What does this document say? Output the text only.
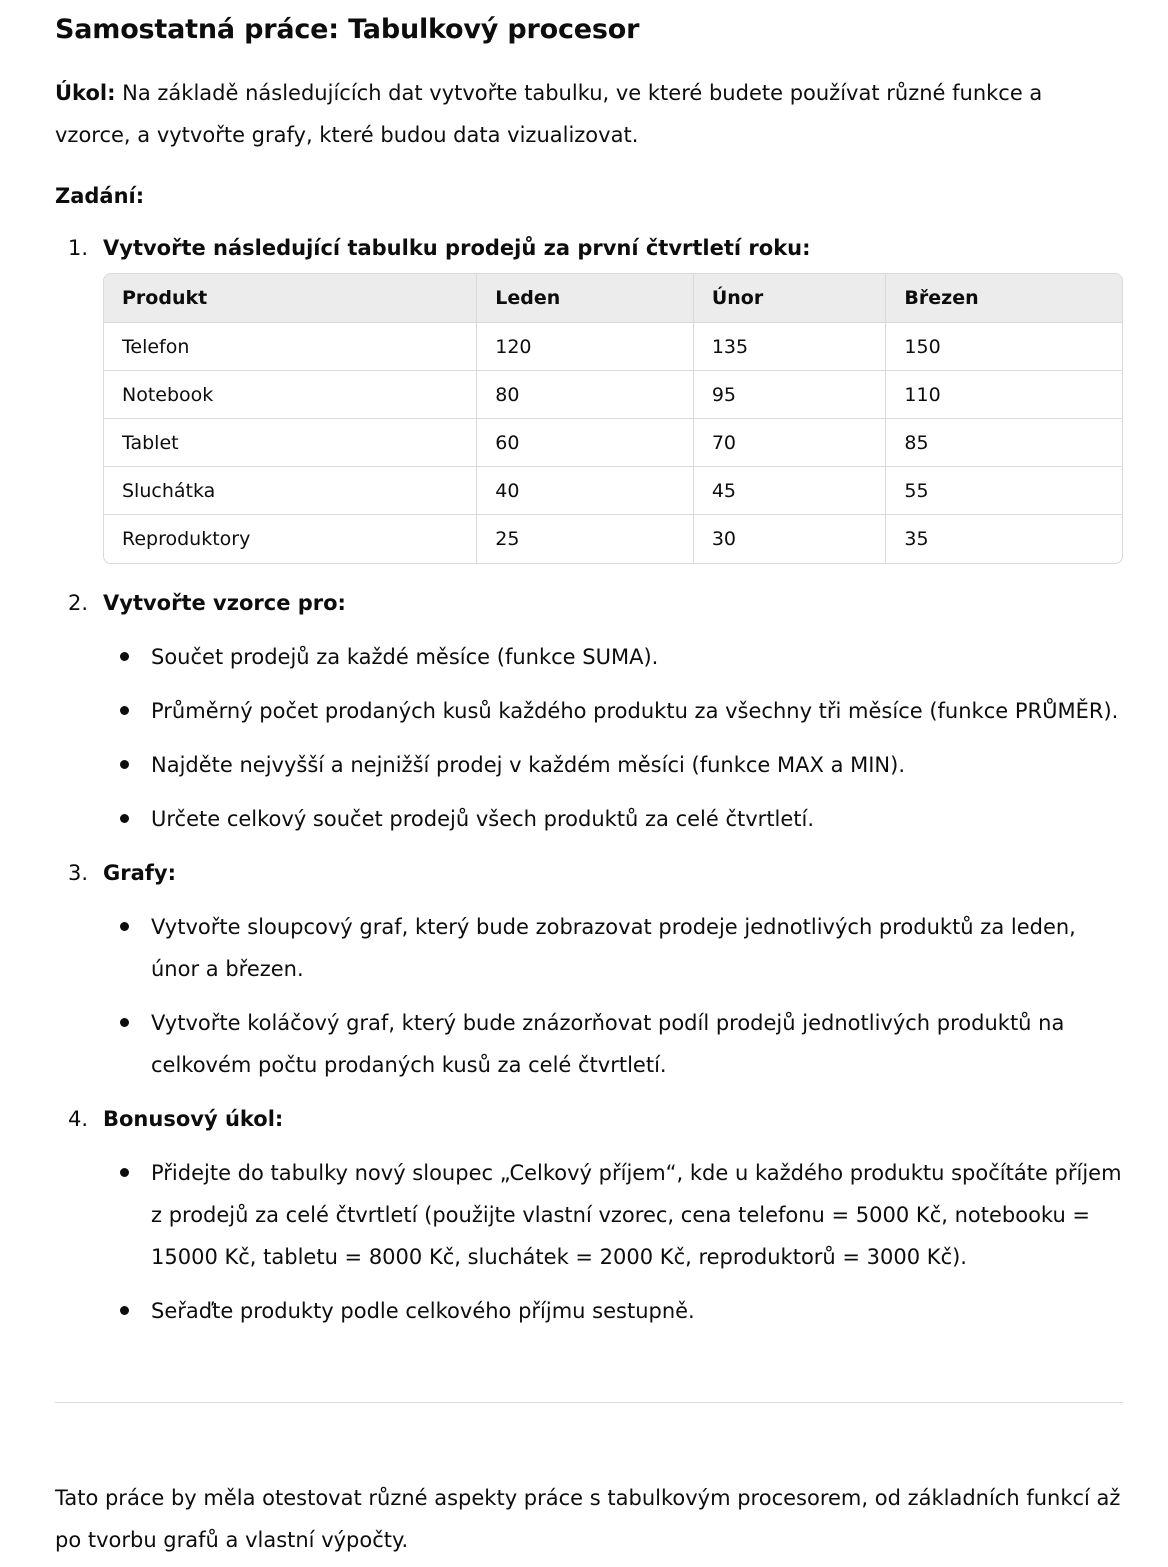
Samostatná práce: Tabulkový procesor

Úkol: Na základě následujících dat vytvořte tabulku, ve které budete používat různé funkce a vzorce, a vytvořte grafy, které budou data vizualizovat.

Zadání:

1. Vytvořte následující tabulku prodejů za první čtvrtletí roku:
Produkt	Leden	Únor	Březen
Telefon	120	135	150
Notebook	80	95	110
Tablet	60	70	85
Sluchátka	40	45	55
Reproduktory	25	30	35
2. Vytvořte vzorce pro:
Součet prodejů za každé měsíce (funkce SUMA).
Průměrný počet prodaných kusů každého produktu za všechny tři měsíce (funkce PRŮMĚR).
Najděte nejvyšší a nejnižší prodej v každém měsíci (funkce MAX a MIN).
Určete celkový součet prodejů všech produktů za celé čtvrtletí.
3. Grafy:
Vytvořte sloupcový graf, který bude zobrazovat prodeje jednotlivých produktů za leden, únor a březen.
Vytvořte koláčový graf, který bude znázorňovat podíl prodejů jednotlivých produktů na celkovém počtu prodaných kusů za celé čtvrtletí.
4. Bonusový úkol:
Přidejte do tabulky nový sloupec „Celkový příjem“, kde u každého produktu spočítáte příjem z prodejů za celé čtvrtletí (použijte vlastní vzorec, cena telefonu = 5000 Kč, notebooku = 15000 Kč, tabletu = 8000 Kč, sluchátek = 2000 Kč, reproduktorů = 3000 Kč).
Seřaďte produkty podle celkového příjmu sestupně.

Tato práce by měla otestovat různé aspekty práce s tabulkovým procesorem, od základních funkcí až po tvorbu grafů a vlastní výpočty.
